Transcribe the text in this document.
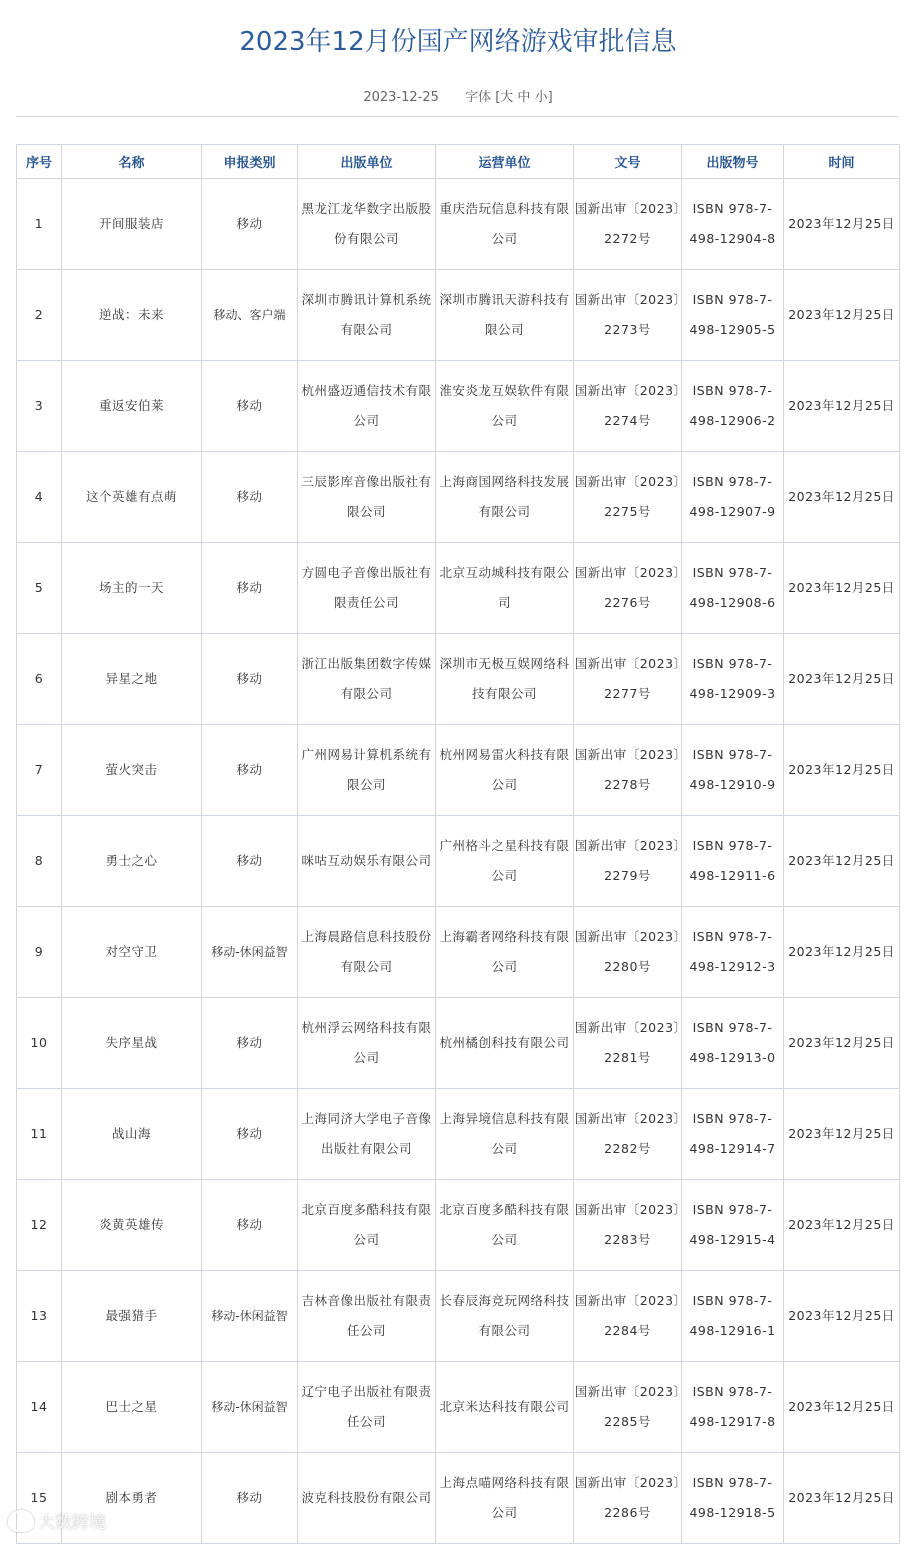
2023年12月份国产网络游戏审批信息
2023-12-25 字体 [大 中 小]
序号	名称	申报类别	出版单位	运营单位	文号	出版物号	时间
1	开间服装店	移动	黑龙江龙华数字出版股份有限公司	重庆浩玩信息科技有限公司	国新出审〔2023〕2272号	ISBN 978-7-498-12904-8	2023年12月25日
2	逆战：未来	移动、客户端	深圳市腾讯计算机系统有限公司	深圳市腾讯天游科技有限公司	国新出审〔2023〕2273号	ISBN 978-7-498-12905-5	2023年12月25日
3	重返安伯莱	移动	杭州盛迈通信技术有限公司	淮安炎龙互娱软件有限公司	国新出审〔2023〕2274号	ISBN 978-7-498-12906-2	2023年12月25日
4	这个英雄有点萌	移动	三辰影库音像出版社有限公司	上海商国网络科技发展有限公司	国新出审〔2023〕2275号	ISBN 978-7-498-12907-9	2023年12月25日
5	场主的一天	移动	方圆电子音像出版社有限责任公司	北京互动城科技有限公司	国新出审〔2023〕2276号	ISBN 978-7-498-12908-6	2023年12月25日
6	异星之地	移动	浙江出版集团数字传媒有限公司	深圳市无极互娱网络科技有限公司	国新出审〔2023〕2277号	ISBN 978-7-498-12909-3	2023年12月25日
7	萤火突击	移动	广州网易计算机系统有限公司	杭州网易雷火科技有限公司	国新出审〔2023〕2278号	ISBN 978-7-498-12910-9	2023年12月25日
8	勇士之心	移动	咪咕互动娱乐有限公司	广州格斗之星科技有限公司	国新出审〔2023〕2279号	ISBN 978-7-498-12911-6	2023年12月25日
9	对空守卫	移动-休闲益智	上海晨路信息科技股份有限公司	上海霸者网络科技有限公司	国新出审〔2023〕2280号	ISBN 978-7-498-12912-3	2023年12月25日
10	失序星战	移动	杭州浮云网络科技有限公司	杭州橘创科技有限公司	国新出审〔2023〕2281号	ISBN 978-7-498-12913-0	2023年12月25日
11	战山海	移动	上海同济大学电子音像出版社有限公司	上海异境信息科技有限公司	国新出审〔2023〕2282号	ISBN 978-7-498-12914-7	2023年12月25日
12	炎黄英雄传	移动	北京百度多酷科技有限公司	北京百度多酷科技有限公司	国新出审〔2023〕2283号	ISBN 978-7-498-12915-4	2023年12月25日
13	最强猎手	移动-休闲益智	吉林音像出版社有限责任公司	长春辰海竞玩网络科技有限公司	国新出审〔2023〕2284号	ISBN 978-7-498-12916-1	2023年12月25日
14	巴士之星	移动-休闲益智	辽宁电子出版社有限责任公司	北京米达科技有限公司	国新出审〔2023〕2285号	ISBN 978-7-498-12917-8	2023年12月25日
15	剧本勇者	移动	波克科技股份有限公司	上海点喵网络科技有限公司	国新出审〔2023〕2286号	ISBN 978-7-498-12918-5	2023年12月25日
大数跨境
